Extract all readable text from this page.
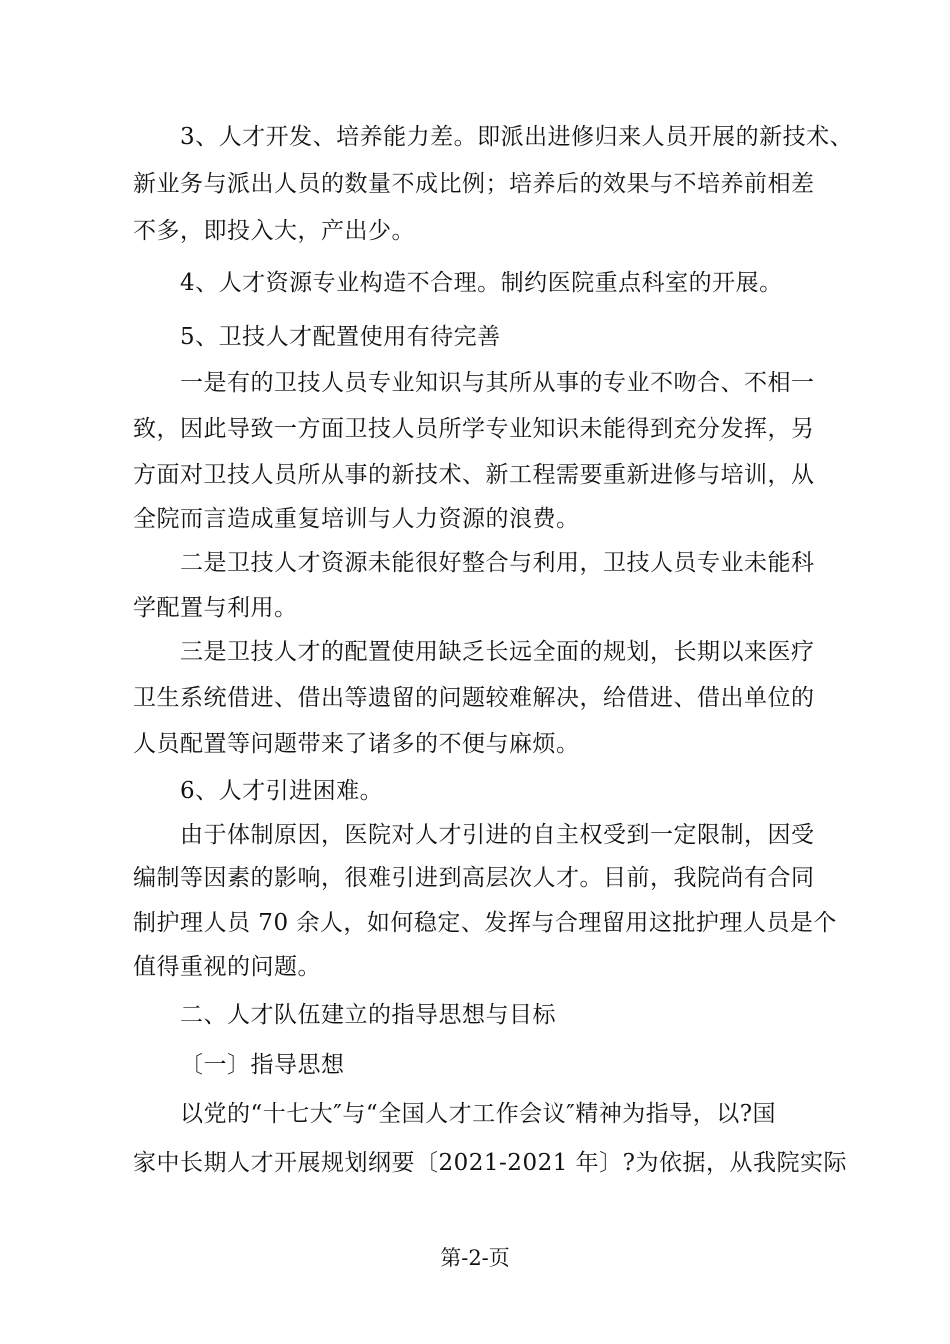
3、人才开发、培养能力差。即派出进修归来人员开展的新技术、
新业务与派出人员的数量不成比例；培养后的效果与不培养前相差
不多，即投入大，产出少。
4、人才资源专业构造不合理。制约医院重点科室的开展。
5、卫技人才配置使用有待完善
一是有的卫技人员专业知识与其所从事的专业不吻合、不相一
致，因此导致一方面卫技人员所学专业知识未能得到充分发挥，另
方面对卫技人员所从事的新技术、新工程需要重新进修与培训，从
全院而言造成重复培训与人力资源的浪费。
二是卫技人才资源未能很好整合与利用，卫技人员专业未能科
学配置与利用。
三是卫技人才的配置使用缺乏长远全面的规划，长期以来医疗
卫生系统借进、借出等遗留的问题较难解决，给借进、借出单位的
人员配置等问题带来了诸多的不便与麻烦。
6、人才引进困难。
由于体制原因，医院对人才引进的自主权受到一定限制，因受
编制等因素的影响，很难引进到高层次人才。目前，我院尚有合同
制护理人员 70 余人，如何稳定、发挥与合理留用这批护理人员是个
值得重视的问题。
二、人才队伍建立的指导思想与目标
〔一〕指导思想
以党的“十七大″与“全国人才工作会议″精神为指导，以?国
家中长期人才开展规划纲要〔2021-2021 年〕?为依据，从我院实际
第-2-页
